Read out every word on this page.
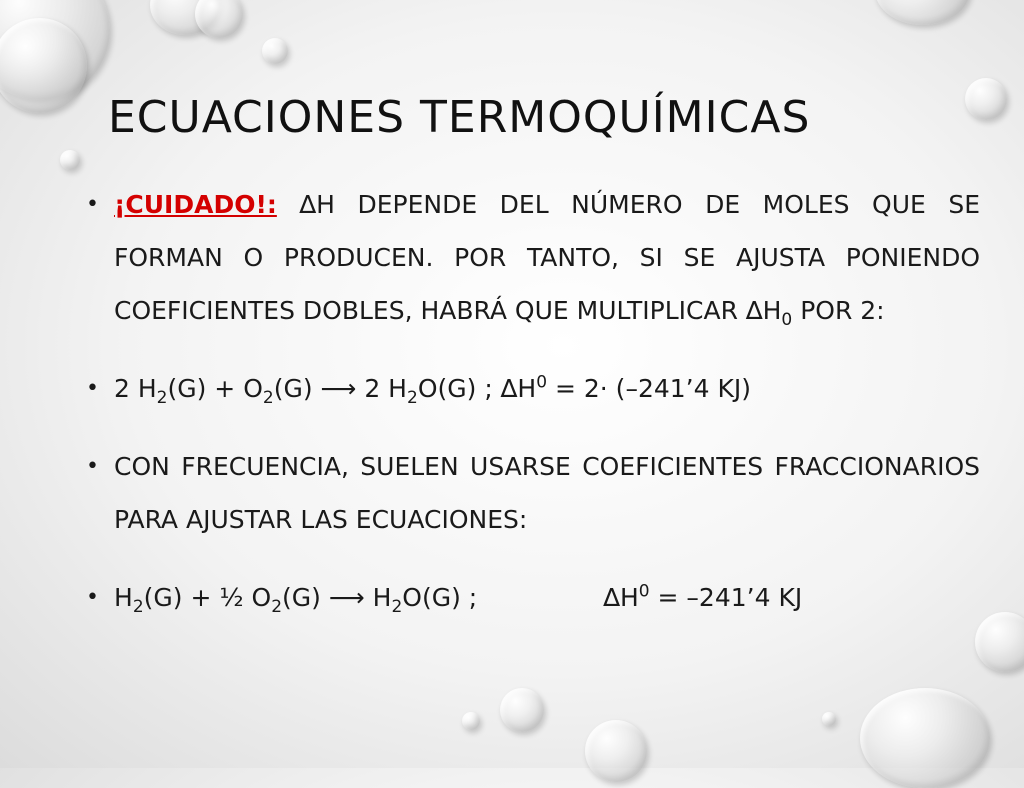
ECUACIONES TERMOQUÍMICAS
• ¡CUIDADO!: ∆H DEPENDE DEL NÚMERO DE MOLES QUE SE FORMAN O PRODUCEN. POR TANTO, SI SE AJUSTA PONIENDO COEFICIENTES DOBLES, HABRÁ QUE MULTIPLICAR $\Delta H_0$ POR 2:
• 2 $H_2(G) + O_2(G)$ ⟶ 2 $H_2O(G)$ ; $\Delta H^0 = 2\cdot$ (–241’4 KJ)
• CON FRECUENCIA, SUELEN USARSE COEFICIENTES FRACCIONARIOS PARA AJUSTAR LAS ECUACIONES:
• $H_2(G)$ + ½ $O_2(G)$ ⟶ $H_2O(G)$ ;	$\Delta H^0$ = –241’4 KJ
